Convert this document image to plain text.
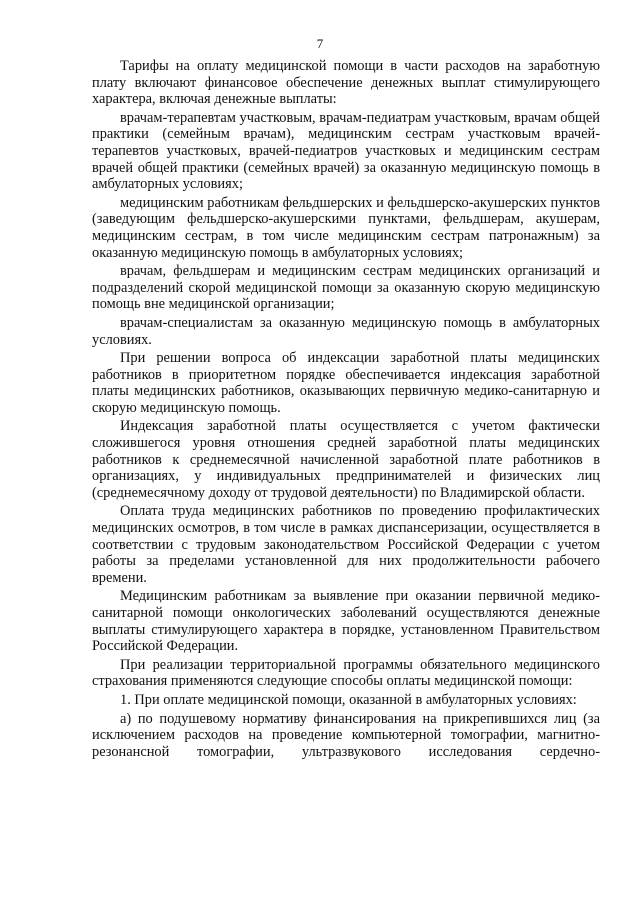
7

Тарифы на оплату медицинской помощи в части расходов на заработную плату включают финансовое обеспечение денежных выплат стимулирующего характера, включая денежные выплаты:

врачам-терапевтам участковым, врачам-педиатрам участковым, врачам общей практики (семейным врачам), медицинским сестрам участковым врачей-терапевтов участковых, врачей-педиатров участковых и медицинским сестрам врачей общей практики (семейных врачей) за оказанную медицинскую помощь в амбулаторных условиях;

медицинским работникам фельдшерских и фельдшерско-акушерских пунктов (заведующим фельдшерско-акушерскими пунктами, фельдшерам, акушерам, медицинским сестрам, в том числе медицинским сестрам патронажным) за оказанную медицинскую помощь в амбулаторных условиях;

врачам, фельдшерам и медицинским сестрам медицинских организаций и подразделений скорой медицинской помощи за оказанную скорую медицинскую помощь вне медицинской организации;

врачам-специалистам за оказанную медицинскую помощь в амбулаторных условиях.

При решении вопроса об индексации заработной платы медицинских работников в приоритетном порядке обеспечивается индексация заработной платы медицинских работников, оказывающих первичную медико-санитарную и скорую медицинскую помощь.

Индексация заработной платы осуществляется с учетом фактически сложившегося уровня отношения средней заработной платы медицинских работников к среднемесячной начисленной заработной плате работников в организациях, у индивидуальных предпринимателей и физических лиц (среднемесячному доходу от трудовой деятельности) по Владимирской области.

Оплата труда медицинских работников по проведению профилактических медицинских осмотров, в том числе в рамках диспансеризации, осуществляется в соответствии с трудовым законодательством Российской Федерации с учетом работы за пределами установленной для них продолжительности рабочего времени.

Медицинским работникам за выявление при оказании первичной медико-санитарной помощи онкологических заболеваний осуществляются денежные выплаты стимулирующего характера в порядке, установленном Правительством Российской Федерации.

При реализации территориальной программы обязательного медицинского страхования применяются следующие способы оплаты медицинской помощи:

1. При оплате медицинской помощи, оказанной в амбулаторных условиях:

а) по подушевому нормативу финансирования на прикрепившихся лиц (за исключением расходов на проведение компьютерной томографии, магнитно-резонансной томографии, ультразвукового исследования сердечно-
